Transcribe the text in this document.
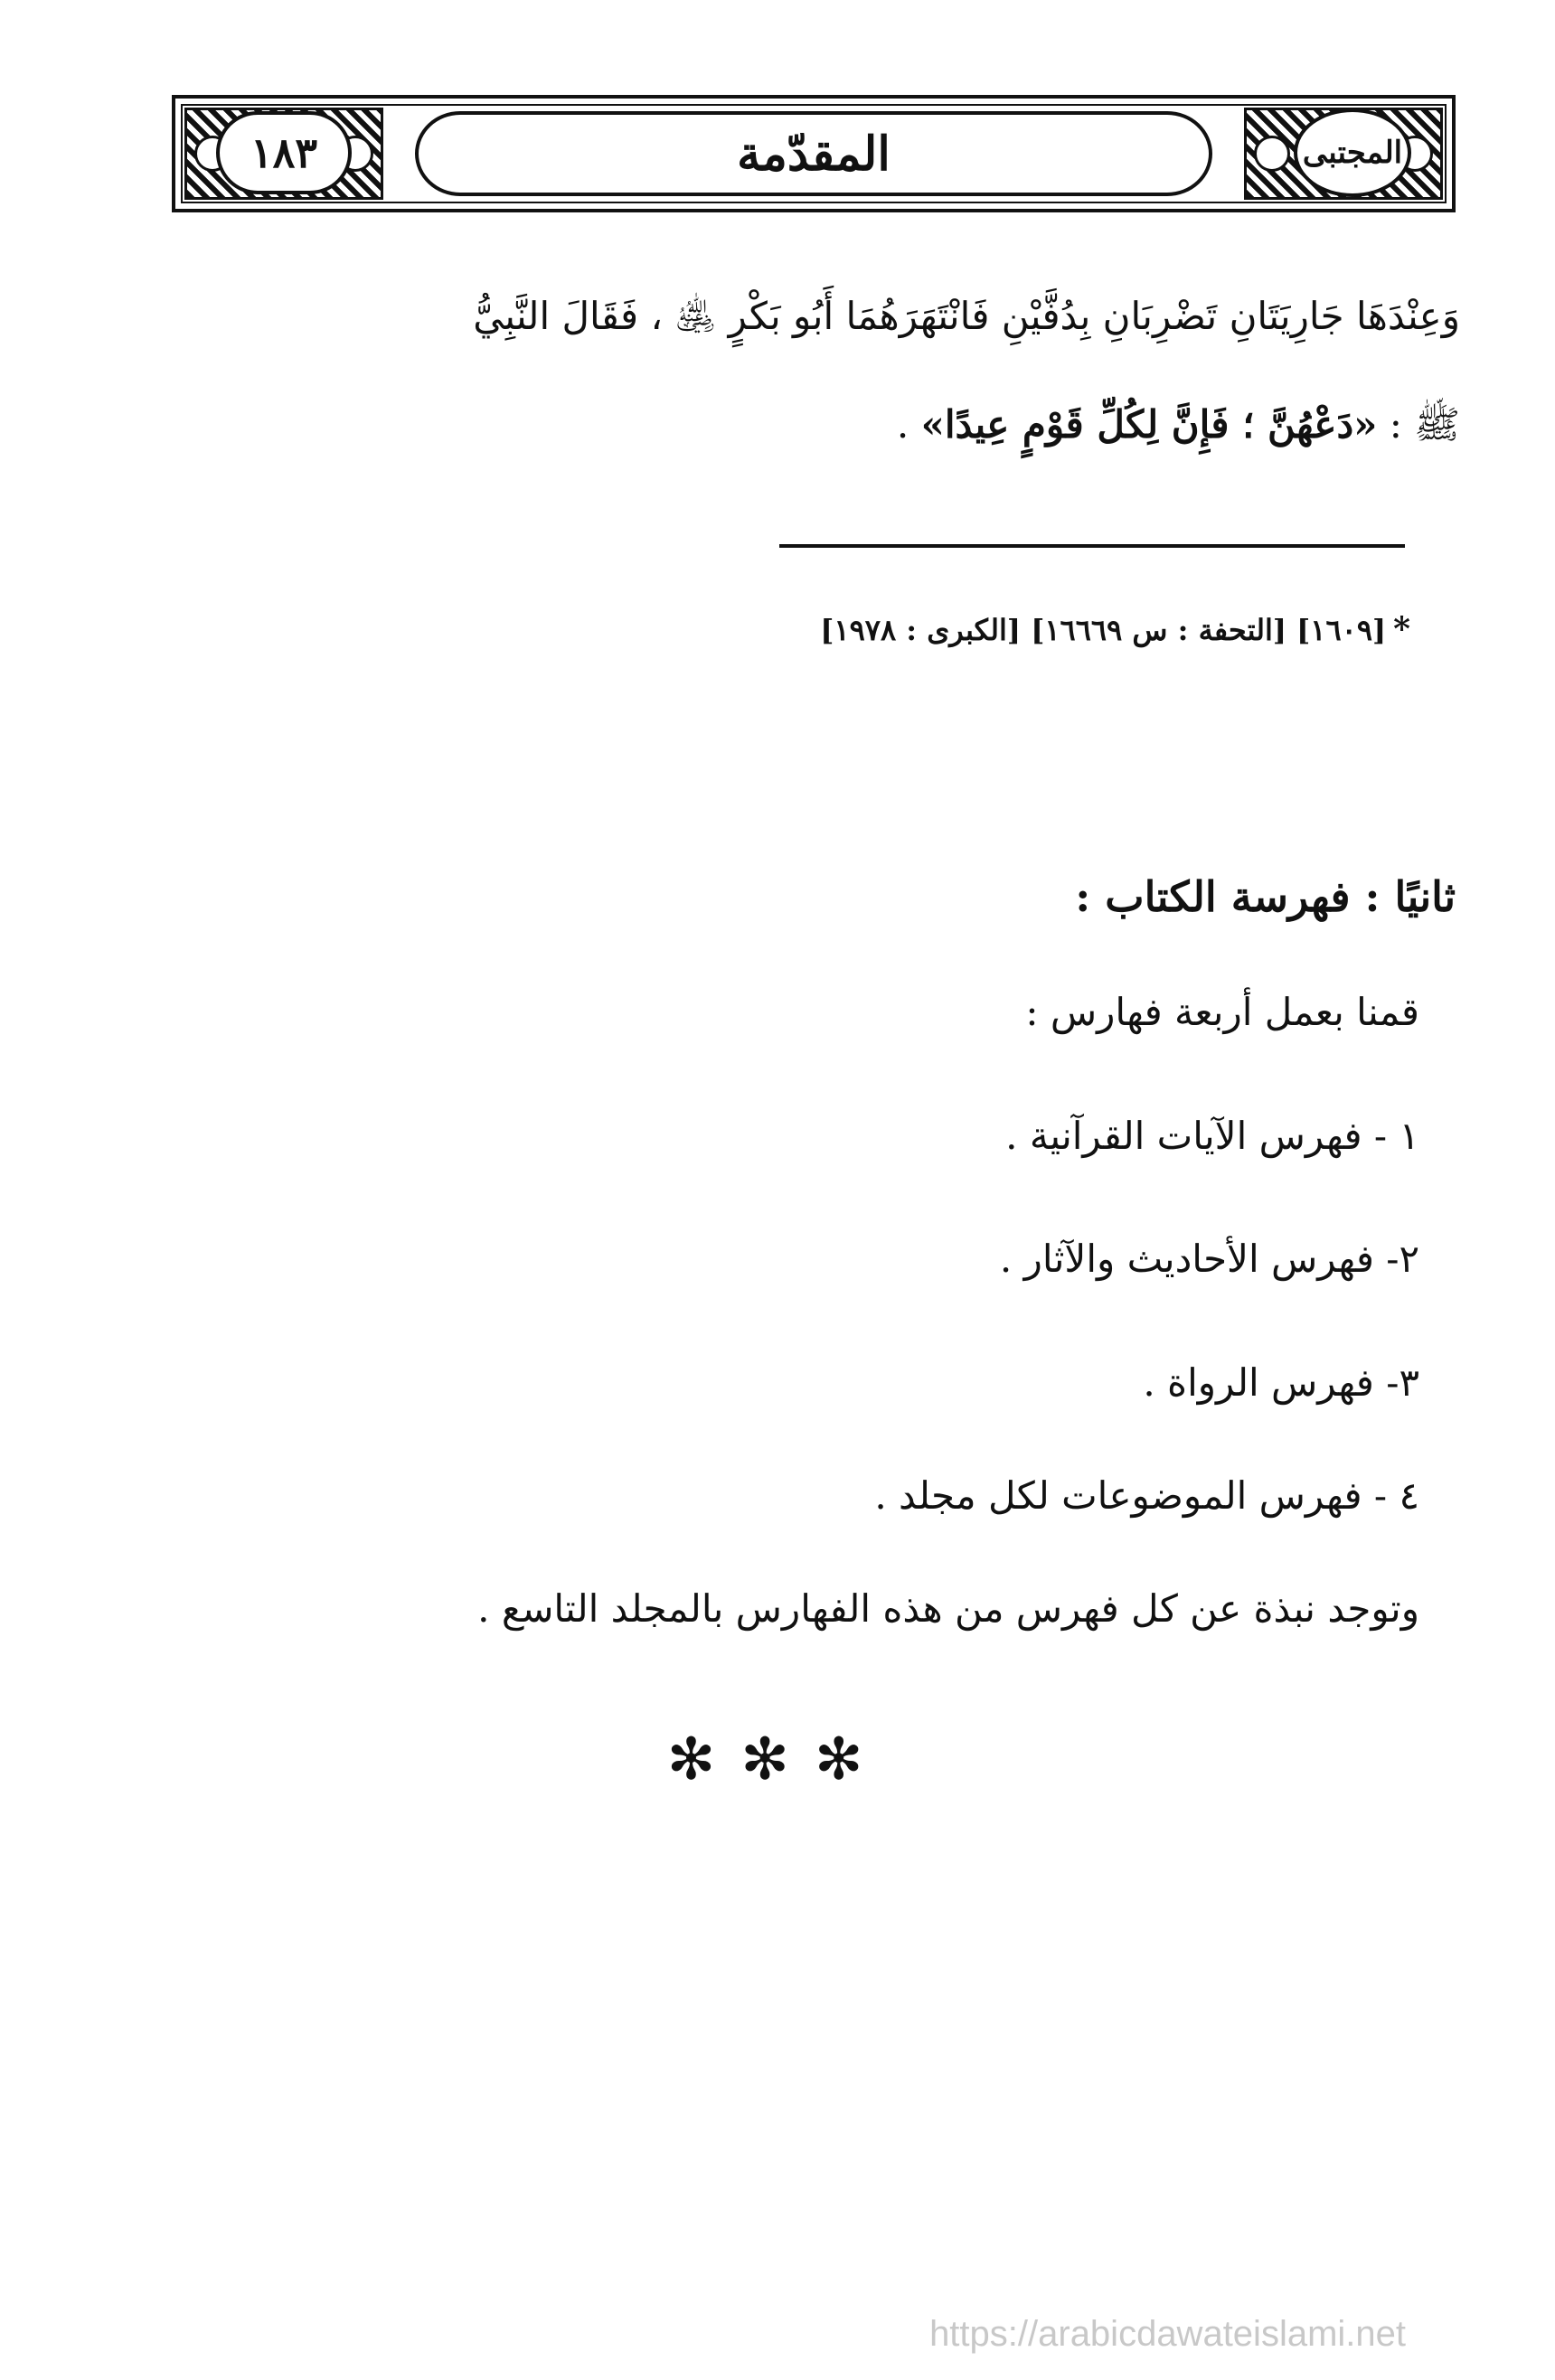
١٨٣	المقدّمة	المجتبى
وَعِنْدَهَا جَارِيَتَانِ تَضْرِبَانِ بِدُفَّيْنِ فَانْتَهَرَهُمَا أَبُو بَكْرٍ ﵁ ، فَقَالَ النَّبِيُّ
ﷺ : «دَعْهُنَّ ؛ فَإِنَّ لِكُلِّ قَوْمٍ عِيدًا» .
*[١٦٠٩] [التحفة : س ١٦٦٦٩] [الكبرى : ١٩٧٨]
ثانيًا : فهرسة الكتاب :
قمنا بعمل أربعة فهارس :
١ - فهرس الآيات القرآنية .
٢- فهرس الأحاديث والآثار .
٣- فهرس الرواة .
٤ - فهرس الموضوعات لكل مجلد .
وتوجد نبذة عن كل فهرس من هذه الفهارس بالمجلد التاسع .
✻✻✻
https://arabicdawateislami.net
